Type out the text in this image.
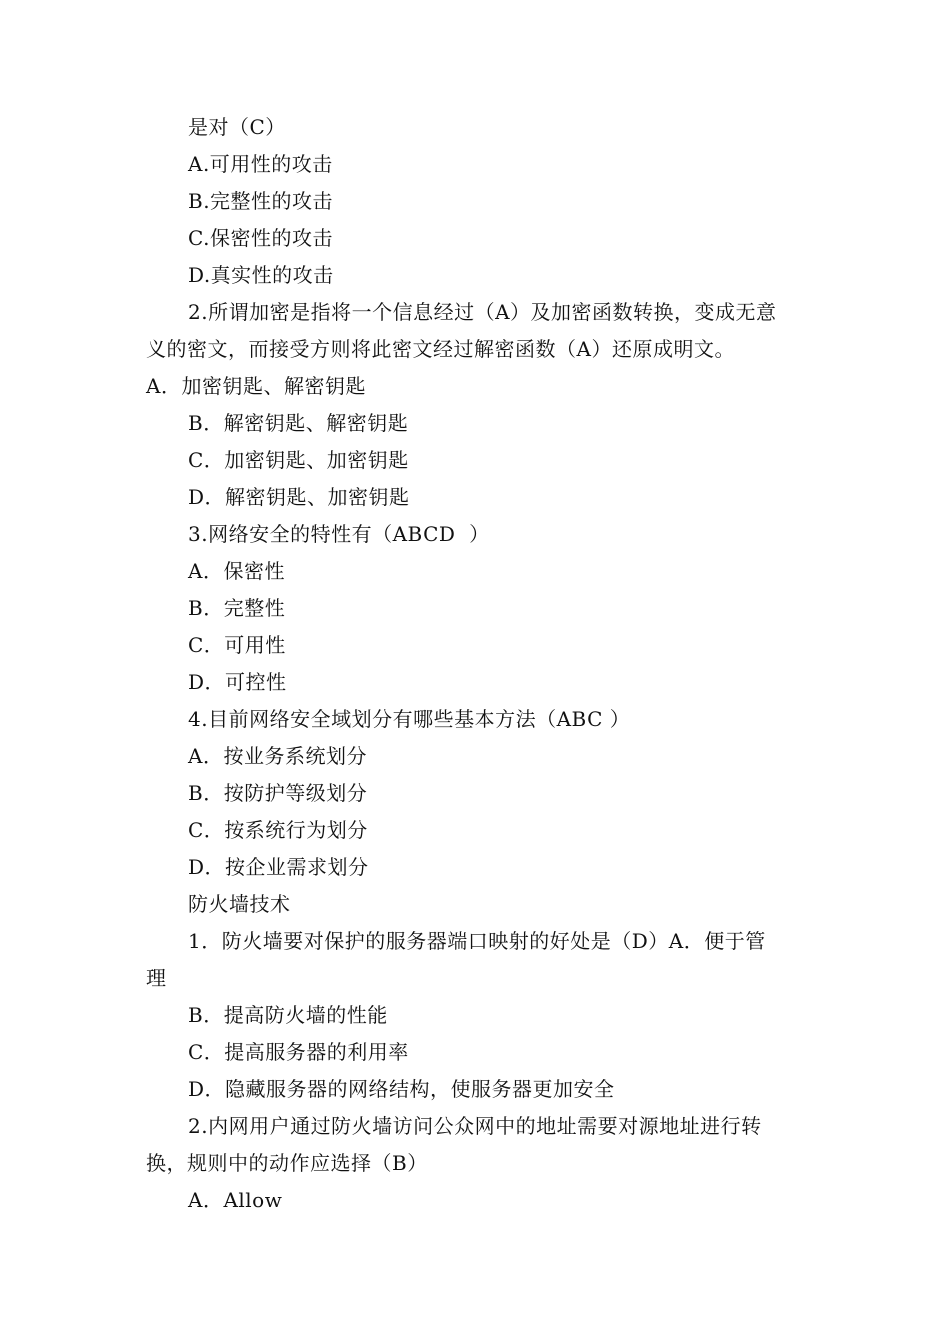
是对（C）
A.可用性的攻击
B.完整性的攻击
C.保密性的攻击
D.真实性的攻击
2.所谓加密是指将一个信息经过（A）及加密函数转换，变成无意
义的密文，而接受方则将此密文经过解密函数（A）还原成明文。
A．加密钥匙、解密钥匙
B．解密钥匙、解密钥匙
C．加密钥匙、加密钥匙
D．解密钥匙、加密钥匙
3.网络安全的特性有（ABCD  ）
A．保密性
B．完整性
C．可用性
D．可控性
4.目前网络安全域划分有哪些基本方法（ABC ）
A．按业务系统划分
B．按防护等级划分
C．按系统行为划分
D．按企业需求划分
防火墙技术
1．防火墙要对保护的服务器端口映射的好处是（D）A．便于管
理
B．提高防火墙的性能
C．提高服务器的利用率
D．隐藏服务器的网络结构，使服务器更加安全
2.内网用户通过防火墙访问公众网中的地址需要对源地址进行转
换，规则中的动作应选择（B）
A．Allow
